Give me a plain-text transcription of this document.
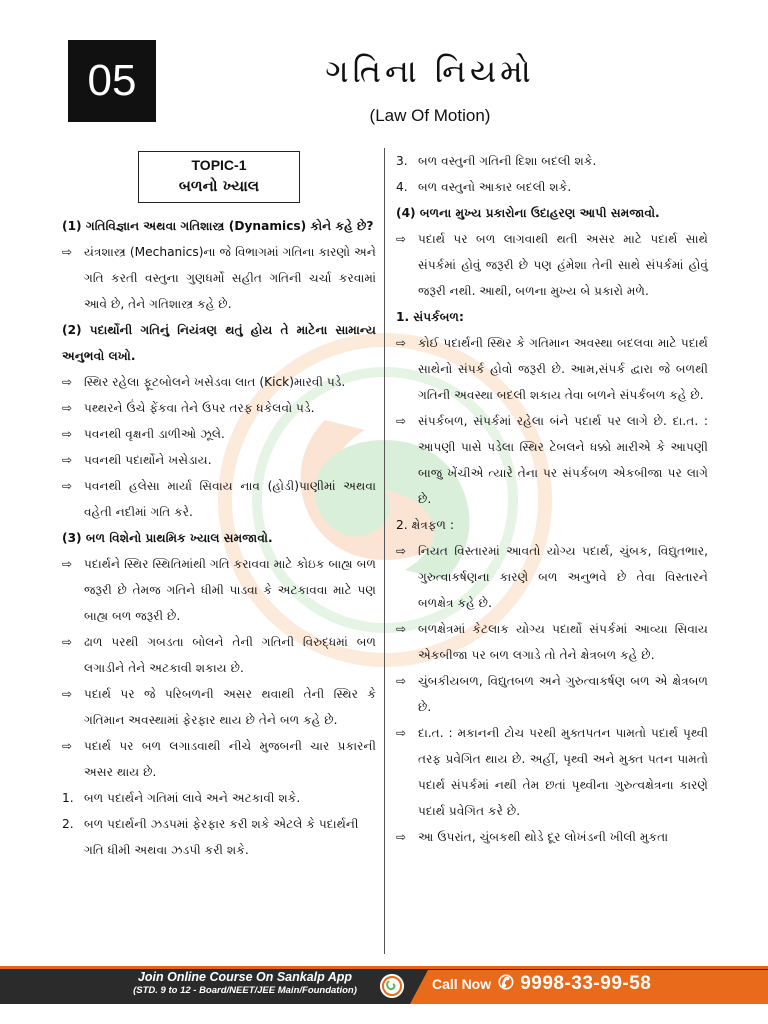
05	ગતિના નિયમો
(Law Of Motion)
TOPIC-1
બળનો ખ્યાલ
(1) ગતિવિજ્ઞાન અથવા ગતિશાસ્ત્ર (Dynamics) કોને કહે છે?
⇨ યંત્રશાસ્ત્ર (Mechanics)ના જે વિભાગમાં ગતિના કારણો અને ગતિ કરતી વસ્તુના ગુણધર્મો સહીત ગતિની ચર્ચા કરવામાં આવે છે, તેને ગતિશાસ્ત્ર કહે છે.
(2) પદાર્થોની ગતિનું નિયંત્રણ થતું હોય તે માટેના સામાન્ય અનુભવો લખો.
⇨ સ્થિર રહેલા ફૂટબોલને ખસેડવા લાત (Kick)મારવી પડે.
⇨ પથ્થરને ઉંચે ફેંકવા તેને ઉપર તરફ ધકેલવો પડે.
⇨ પવનથી વૃક્ષની ડાળીઓ ઝૂલે.
⇨ પવનથી પદાર્થોને ખસેડાય.
⇨ પવનથી હલેસા માર્યા સિવાય નાવ (હોડી)પાણીમાં અથવા વહેતી નદીમાં ગતિ કરે.
(3) બળ વિશેનો પ્રાથમિક ખ્યાલ સમજાવો.
⇨ પદાર્થને સ્થિર સ્થિતિમાંથી ગતિ કરાવવા માટે કોઇક બાહ્ય બળ જરૂરી છે તેમજ ગતિને ધીમી પાડવા કે અટકાવવા માટે પણ બાહ્ય બળ જરૂરી છે.
⇨ ઢાળ પરથી ગબડતા બોલને તેની ગતિની વિરુદ્ધમાં બળ લગાડીને તેને અટકાવી શકાય છે.
⇨ પદાર્થ પર જે પરિબળની અસર થવાથી તેની સ્થિર કે ગતિમાન અવસ્થામાં ફેરફાર થાય છે તેને બળ કહે છે.
⇨ પદાર્થ પર બળ લગાડવાથી નીચે મુજબની ચાર પ્રકારની અસર થાય છે.
1. બળ પદાર્થને ગતિમાં લાવે અને અટકાવી શકે.
2. બળ પદાર્થની ઝડપમાં ફેરફાર કરી શકે એટલે કે પદાર્થની ગતિ ધીમી અથવા ઝડપી કરી શકે.
3. બળ વસ્તુની ગતિની દિશા બદલી શકે.
4. બળ વસ્તુનો આકાર બદલી શકે.
(4) બળના મુખ્ય પ્રકારોના ઉદાહરણ આપી સમજાવો.
⇨ પદાર્થ પર બળ લાગવાથી થતી અસર માટે પદાર્થ સાથે સંપર્કમાં હોવું જરૂરી છે પણ હંમેશા તેની સાથે સંપર્કમાં હોવું જરૂરી નથી. આથી, બળના મુખ્ય બે પ્રકારો મળે.
1. સંપર્કબળ:
⇨ કોઈ પદાર્થની સ્થિર કે ગતિમાન અવસ્થા બદલવા માટે પદાર્થ સાથેનો સંપર્ક હોવો જરૂરી છે. આમ,સંપર્ક દ્વારા જે બળથી ગતિની અવસ્થા બદલી શકાય તેવા બળને સંપર્કબળ કહે છે.
⇨ સંપર્કબળ, સંપર્કમાં રહેલા બંને પદાર્થ પર લાગે છે. દા.ત. : આપણી પાસે પડેલા સ્થિર ટેબલને ધક્કો મારીએ કે આપણી બાજુ ખેંચીએ ત્યારે તેના પર સંપર્કબળ એકબીજા પર લાગે છે.
2. ક્ષેત્રફળ :
⇨ નિયત વિસ્તારમાં આવતો યોગ્ય પદાર્થ, ચુંબક, વિદ્યુતભાર, ગુરુત્વાકર્ષણના કારણે બળ અનુભવે છે તેવા વિસ્તારને બળક્ષેત્ર કહે છે.
⇨ બળક્ષેત્રમાં કેટલાક યોગ્ય પદાર્થો સંપર્કમાં આવ્યા સિવાય એકબીજા પર બળ લગાડે તો તેને ક્ષેત્રબળ કહે છે.
⇨ ચુંબકીયબળ, વિદ્યુતબળ અને ગુરુત્વાકર્ષણ બળ એ ક્ષેત્રબળ છે.
⇨ દા.ત. : મકાનની ટોચ પરથી મુક્તપતન પામતો પદાર્થ પૃથ્વી તરફ પ્રવેગિત થાય છે. અહીં, પૃથ્વી અને મુક્ત પતન પામતો પદાર્થ સંપર્કમાં નથી તેમ છતાં પૃથ્વીના ગુરુત્વક્ષેત્રના કારણે પદાર્થ પ્રવેગિત કરે છે.
⇨ આ ઉપરાંત, ચુંબકથી થોડે દૂર લોખંડની ખીલી મુકતા
Join Online Course On Sankalp App
(STD. 9 to 12 - Board/NEET/JEE Main/Foundation)	Call Now ✆ 9998-33-99-58
